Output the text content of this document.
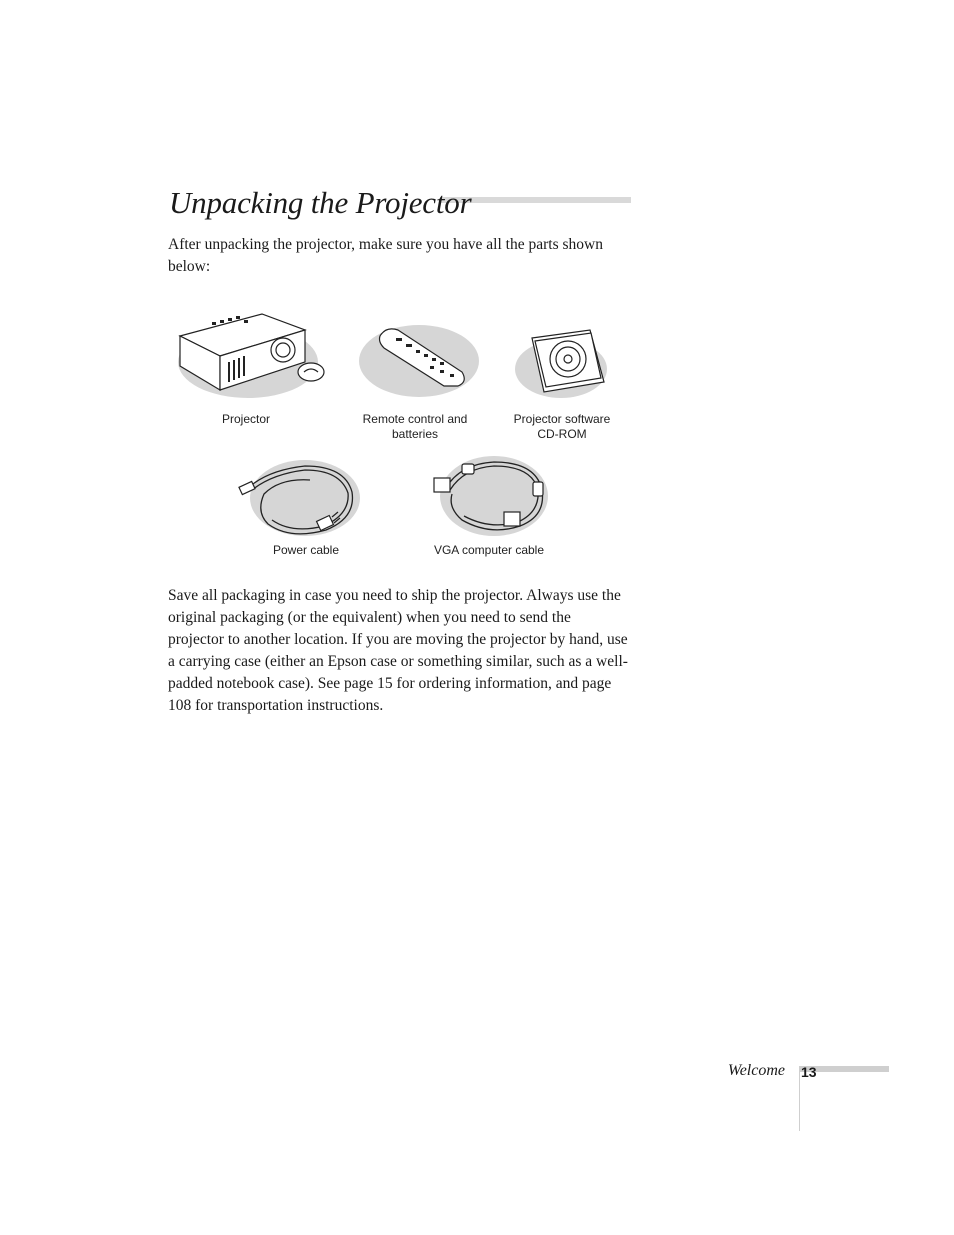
Unpacking the Projector

After unpacking the projector, make sure you have all the parts shown below:

Projector	Remote control and
batteries
Projector software
CD-ROM
Power cable	VGA computer cable

Save all packaging in case you need to ship the projector. Always use the original packaging (or the equivalent) when you need to send the projector to another location. If you are moving the projector by hand, use a carrying case (either an Epson case or something similar, such as a well-padded notebook case). See page 15 for ordering information, and page 108 for transportation instructions.

Welcome 13
